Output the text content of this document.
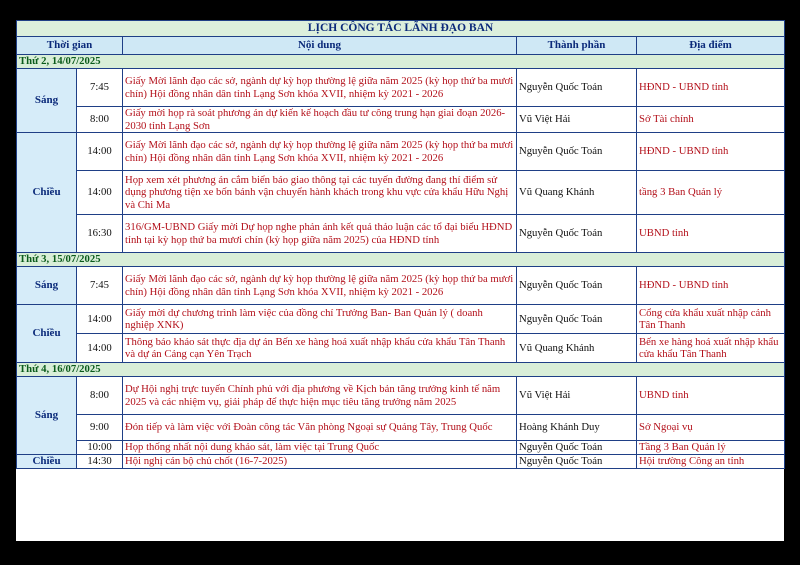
LỊCH CÔNG TÁC LÃNH ĐẠO BAN				
Thời gian		Nội dung	Thành phần	Địa điểm
Thứ 2, 14/07/2025				
Sáng	7:45	Giấy Mời lãnh đạo các sở, ngành dự kỳ họp thường lệ giữa năm 2025 (kỳ họp thứ ba mươi chín) Hội đồng nhân dân tỉnh Lạng Sơn khóa XVII, nhiệm kỳ 2021 - 2026	Nguyễn Quốc Toản	HĐND - UBND tỉnh
	8:00	Giấy mời họp rà soát phương án dự kiến kế hoạch đầu tư công trung hạn giai đoạn 2026-2030 tỉnh Lạng Sơn	Vũ Việt Hải	Sở Tài chính
Chiều	14:00	Giấy Mời lãnh đạo các sở, ngành dự kỳ họp thường lệ giữa năm 2025 (kỳ họp thứ ba mươi chín) Hội đồng nhân dân tỉnh Lạng Sơn khóa XVII, nhiệm kỳ 2021 - 2026	Nguyễn Quốc Toản	HĐND - UBND tỉnh
	14:00	Họp xem xét phương án cắm biển báo giao thông tại các tuyến đường đang thí điểm sử dụng phương tiện xe bốn bánh vận chuyển hành khách trong khu vực cửa khẩu Hữu Nghị và Chi Ma	Vũ Quang Khánh	tầng 3 Ban Quản lý
	16:30	316/GM-UBND Giấy mời Dự họp nghe phản ánh kết quả thảo luận các tổ đại biểu HĐND tỉnh tại kỳ họp thứ ba mươi chín (kỳ họp giữa năm 2025) của HĐND tỉnh	Nguyễn Quốc Toản	UBND tỉnh
Thứ 3, 15/07/2025				
Sáng	7:45	Giấy Mời lãnh đạo các sở, ngành dự kỳ họp thường lệ giữa năm 2025 (kỳ họp thứ ba mươi chín) Hội đồng nhân dân tỉnh Lạng Sơn khóa XVII, nhiệm kỳ 2021 - 2026	Nguyễn Quốc Toản	HĐND - UBND tỉnh
Chiều	14:00	Giấy mời dự chương trình làm việc của đồng chí Trưởng Ban- Ban Quản lý ( doanh nghiệp XNK)	Nguyễn Quốc Toản	Cổng cửa khẩu xuất nhập cảnh Tân Thanh
	14:00	Thông báo khảo sát thực địa dự án Bến xe hàng hoá xuất nhập khẩu cửa khẩu Tân Thanh và dự án Cảng cạn Yên Trạch	Vũ Quang Khánh	Bến xe hàng hoá xuất nhập khẩu cửa khẩu Tân Thanh
Thứ 4, 16/07/2025				
Sáng	8:00	Dự Hội nghị trực tuyến Chính phủ với địa phương về Kịch bản tăng trưởng kinh tế năm 2025 và các nhiệm vụ, giải pháp để thực hiện mục tiêu tăng trưởng năm 2025	Vũ Việt Hải	UBND tỉnh
	9:00	Đón tiếp và làm việc với Đoàn công tác Văn phòng Ngoại sự Quảng Tây, Trung Quốc	Hoàng Khánh Duy	Sở Ngoại vụ
	10:00	Họp thống nhất nội dung khảo sát, làm việc tại Trung Quốc	Nguyễn Quốc Toản	Tầng 3 Ban Quản lý
Chiều	14:30	Hội nghị cán bộ chủ chốt (16-7-2025)	Nguyễn Quốc Toản	Hội trường Công an tỉnh
